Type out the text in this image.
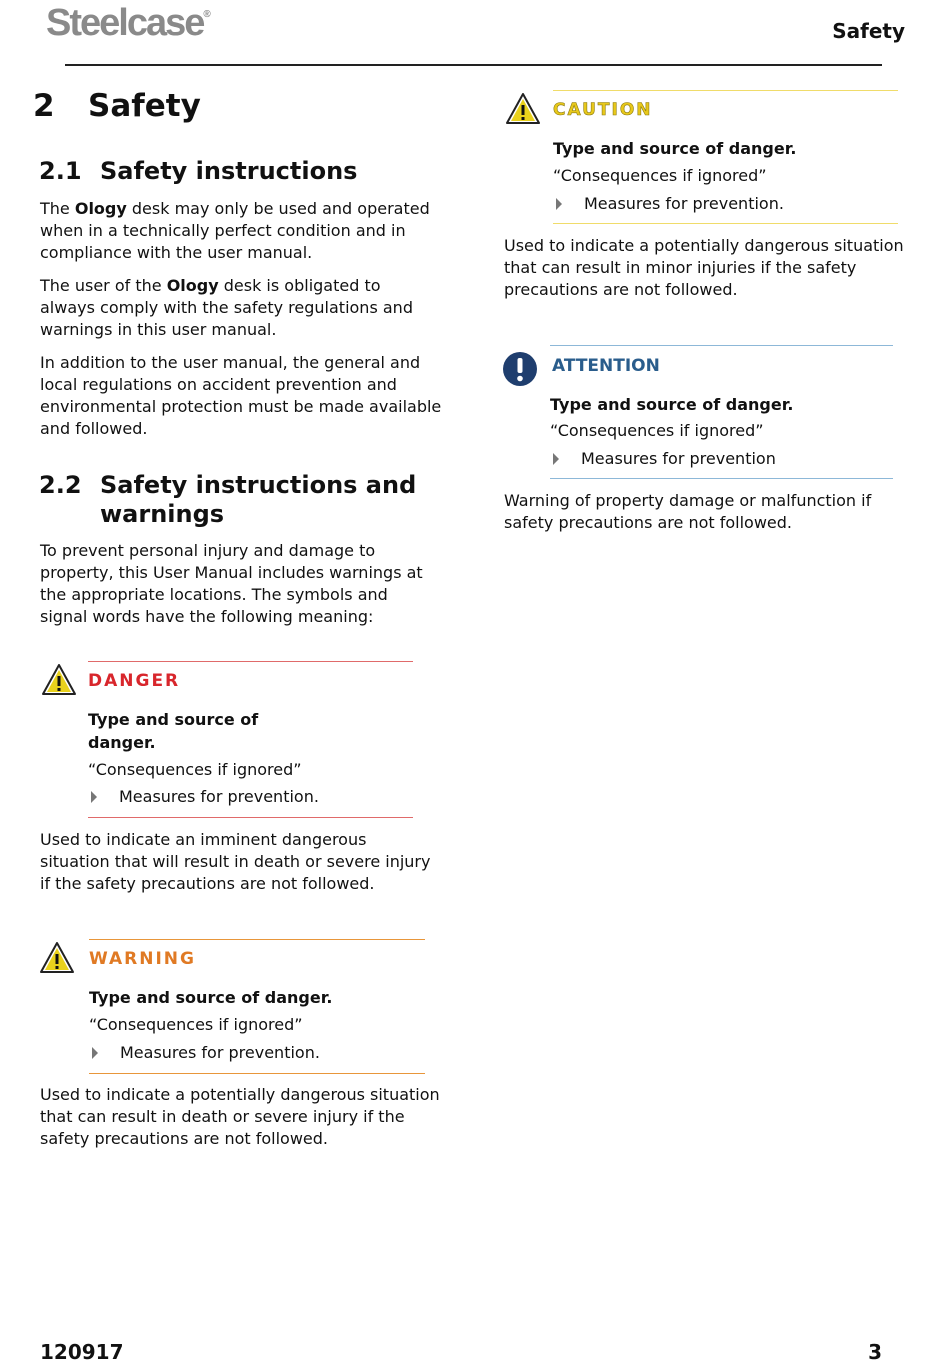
Steelcase®
Safety
2	Safety
2.1 Safety instructions
The Ology desk may only be used and operated when in a technically perfect condition and in compliance with the user manual.
The user of the Ology desk is obligated to always comply with the safety regulations and warnings in this user manual.
In addition to the user manual, the general and local regulations on accident prevention and environmental protection must be made available and followed.
2.2 Safety instructions and
warnings
To prevent personal injury and damage to property, this User Manual includes warnings at the appropriate locations. The symbols and signal words have the following meaning:
DANGER
Type and source of
danger.
“Consequences if ignored”
Measures for prevention.
Used to indicate an imminent dangerous situation that will result in death or severe injury if the safety precautions are not followed.
WARNING
Type and source of danger.
“Consequences if ignored”
Measures for prevention.
Used to indicate a potentially dangerous situation that can result in death or severe injury if the safety precautions are not followed.
CAUTION
Type and source of danger.
“Consequences if ignored”
Measures for prevention.
Used to indicate a potentially dangerous situation that can result in minor injuries if the safety precautions are not followed.
ATTENTION
Type and source of danger.
“Consequences if ignored”
Measures for prevention
Warning of property damage or malfunction if safety precautions are not followed.
120917	3
